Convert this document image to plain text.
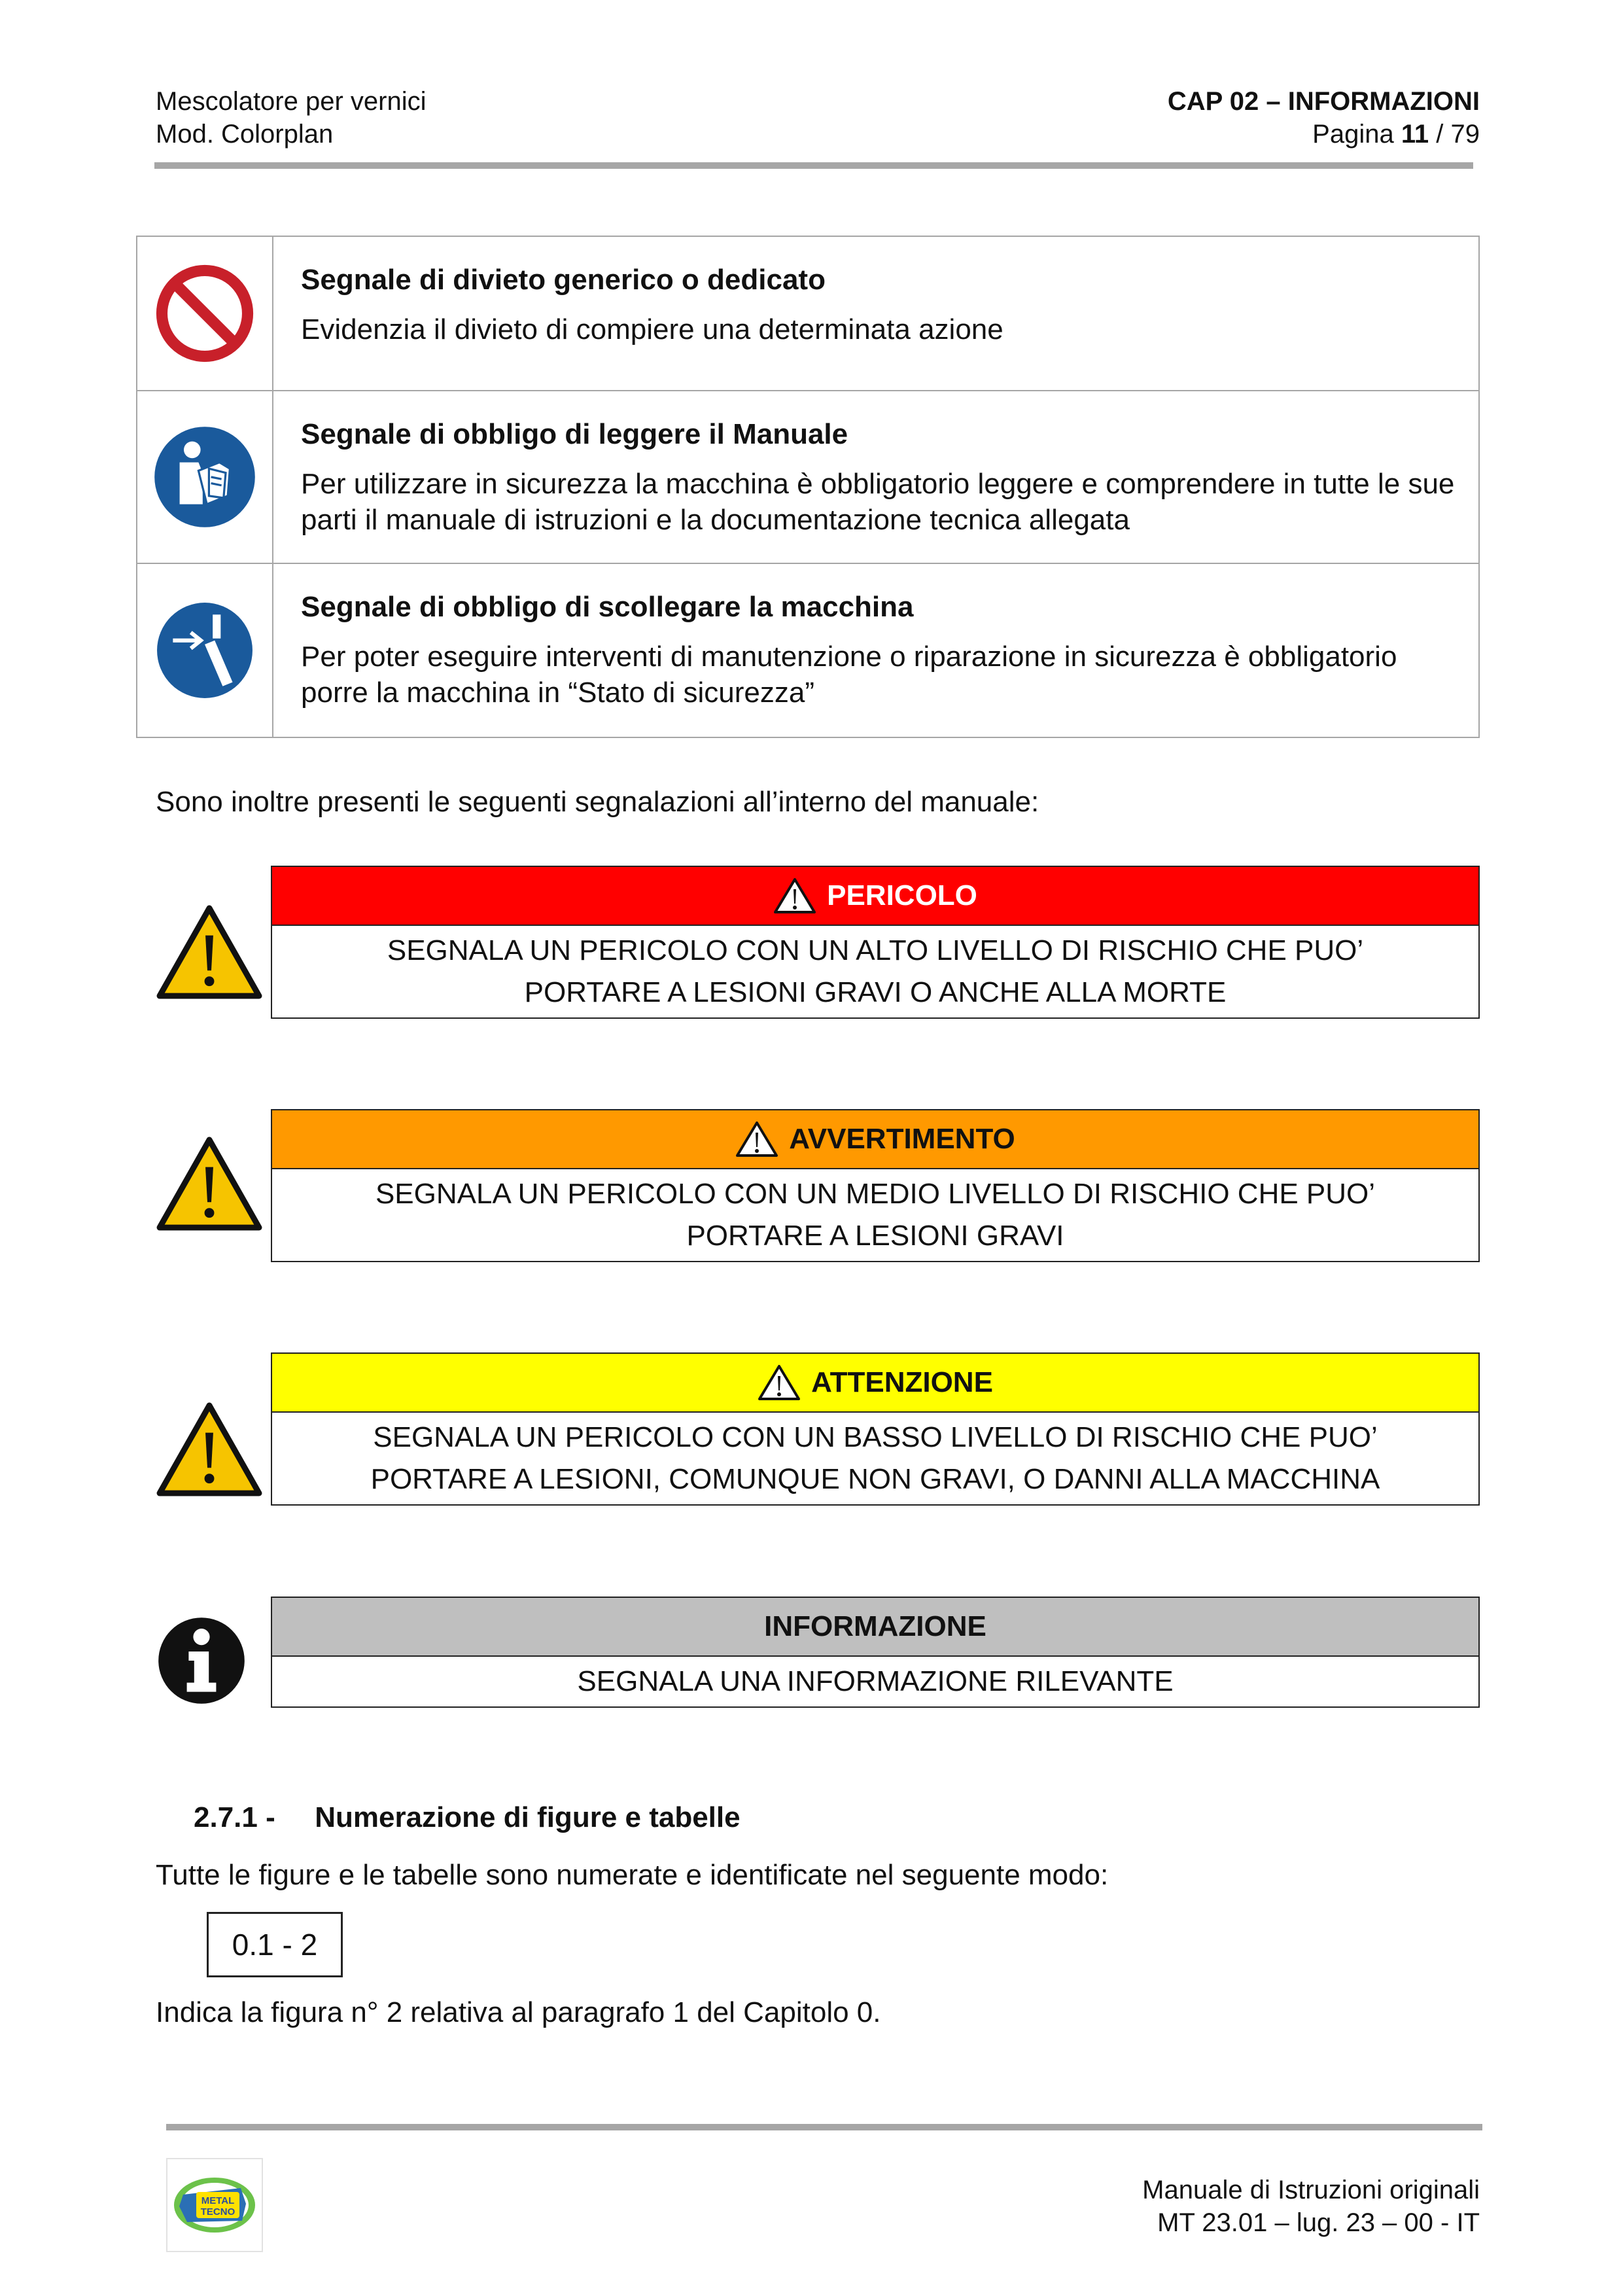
Mescolatore per vernici
Mod. Colorplan
CAP 02 – INFORMAZIONI
Pagina 11 / 79
Segnale di divieto generico o dedicato
Evidenzia il divieto di compiere una determinata azione
Segnale di obbligo di leggere il Manuale
Per utilizzare in sicurezza la macchina è obbligatorio leggere e comprendere in tutte le sue parti il manuale di istruzioni e la documentazione tecnica allegata
Segnale di obbligo di scollegare la macchina
Per poter eseguire interventi di manutenzione o riparazione in sicurezza è obbligatorio porre la macchina in “Stato di sicurezza”
Sono inoltre presenti le seguenti segnalazioni all’interno del manuale:
PERICOLO
SEGNALA UN PERICOLO CON UN ALTO LIVELLO DI RISCHIO CHE PUO’
PORTARE A LESIONI GRAVI O ANCHE ALLA MORTE
AVVERTIMENTO
SEGNALA UN PERICOLO CON UN MEDIO LIVELLO DI RISCHIO CHE PUO’
PORTARE A LESIONI GRAVI
ATTENZIONE
SEGNALA UN PERICOLO CON UN BASSO LIVELLO DI RISCHIO CHE PUO’
PORTARE A LESIONI, COMUNQUE NON GRAVI, O DANNI ALLA MACCHINA
INFORMAZIONE
SEGNALA UNA INFORMAZIONE RILEVANTE
2.7.1 - Numerazione di figure e tabelle
Tutte le figure e le tabelle sono numerate e identificate nel seguente modo:
0.1 - 2
Indica la figura n° 2 relativa al paragrafo 1 del Capitolo 0.
METAL
TECNO
Manuale di Istruzioni originali
MT 23.01 – lug. 23 – 00 - IT
